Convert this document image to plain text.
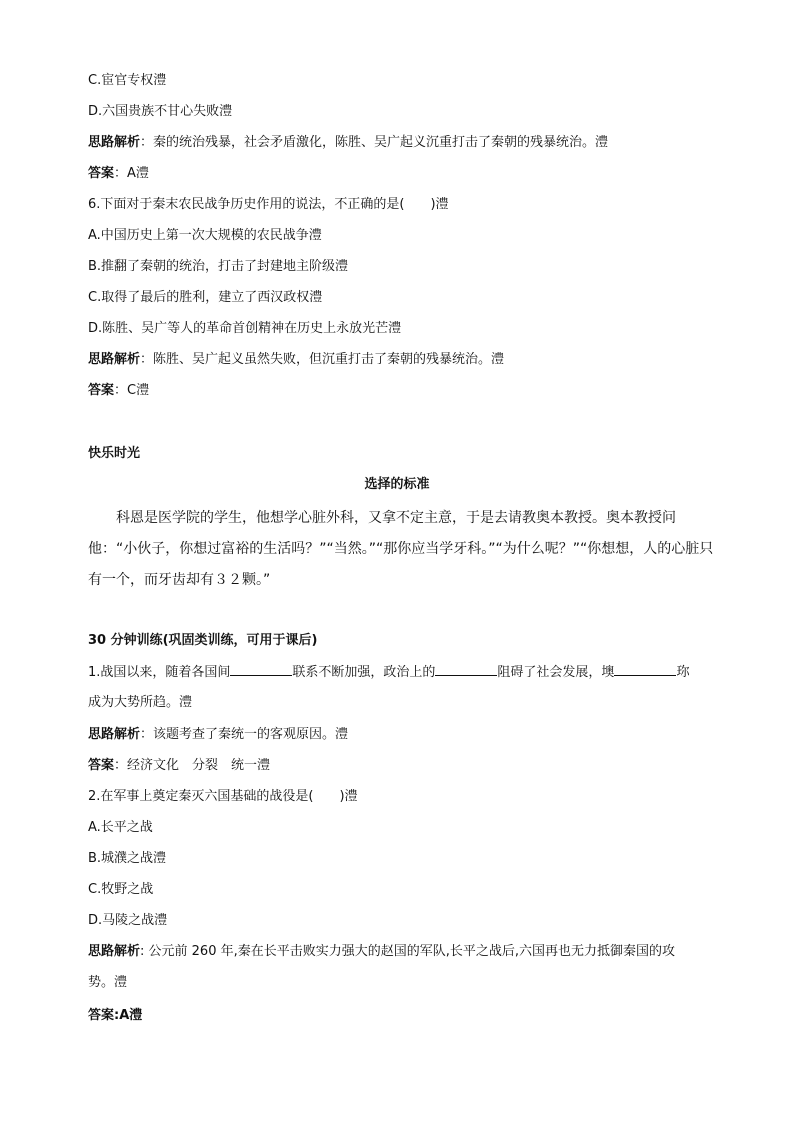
C.宦官专权澧
D.六国贵族不甘心失败澧
思路解析：秦的统治残暴，社会矛盾激化，陈胜、吴广起义沉重打击了秦朝的残暴统治。澧
答案：A澧
6.下面对于秦末农民战争历史作用的说法，不正确的是(　　)澧
A.中国历史上第一次大规模的农民战争澧
B.推翻了秦朝的统治，打击了封建地主阶级澧
C.取得了最后的胜利，建立了西汉政权澧
D.陈胜、吴广等人的革命首创精神在历史上永放光芒澧
思路解析：陈胜、吴广起义虽然失败，但沉重打击了秦朝的残暴统治。澧
答案：C澧
快乐时光
选择的标准
科恩是医学院的学生，他想学心脏外科，又拿不定主意，于是去请教奥本教授。奥本教授问他：“小伙子，你想过富裕的生活吗？”“当然。”“那你应当学牙科。”“为什么呢？”“你想想，人的心脏只有一个，而牙齿却有３２颗。”
30 分钟训练(巩固类训练，可用于课后)
1.战国以来，随着各国间	联系不断加强，政治上的	阻碍了社会发展，墺	珎
成为大势所趋。澧
思路解析：该题考查了秦统一的客观原因。澧
答案：经济文化　分裂　统一澧
2.在军事上奠定秦灭六国基础的战役是(　　)澧
A.长平之战
B.城濮之战澧
C.牧野之战
D.马陵之战澧
思路解析: 公元前 260 年,秦在长平击败实力强大的赵国的军队,长平之战后,六国再也无力抵御秦国的攻
势。澧
答案:A澧
